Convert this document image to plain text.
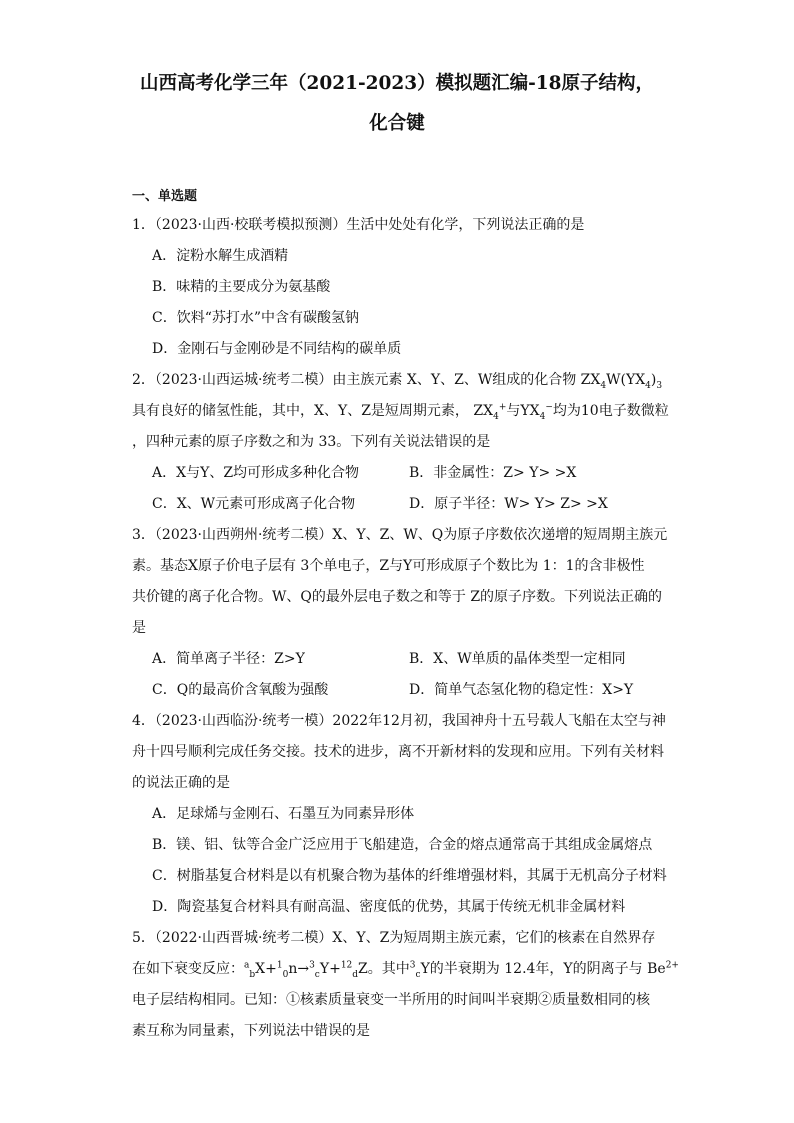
山西高考化学三年（2021-2023）模拟题汇编-18原子结构，
化合键
一、单选题
1．（2023·山西·校联考模拟预测）生活中处处有化学，下列说法正确的是
A．淀粉水解生成酒精
B．味精的主要成分为氨基酸
C．饮料“苏打水”中含有碳酸氢钠
D．金刚石与金刚砂是不同结构的碳单质
2．（2023·山西运城·统考二模）由主族元素 X、Y、Z、W组成的化合物 $ZX_4W(YX_4)_3$
具有良好的储氢性能，其中，X、Y、Z是短周期元素， $ZX_4^+$与$YX_4^-$均为10电子数微粒
，四种元素的原子序数之和为 33。下列有关说法错误的是
A．X与Y、Z均可形成多种化合物	B．非金属性：Z> Y> >X
C．X、W元素可形成离子化合物	D．原子半径：W> Y> Z> >X
3．（2023·山西朔州·统考二模）X、Y、Z、W、Q为原子序数依次递增的短周期主族元
素。基态X原子价电子层有 3个单电子，Z与Y可形成原子个数比为 1：1的含非极性
共价键的离子化合物。W、Q的最外层电子数之和等于 Z的原子序数。下列说法正确的
是
A．简单离子半径：Z>Y	B．X、W单质的晶体类型一定相同
C．Q的最高价含氧酸为强酸	D．简单气态氢化物的稳定性：X>Y
4．（2023·山西临汾·统考一模）2022年12月初，我国神舟十五号载人飞船在太空与神
舟十四号顺利完成任务交接。技术的进步，离不开新材料的发现和应用。下列有关材料
的说法正确的是
A．足球烯与金刚石、石墨互为同素异形体
B．镁、铝、钛等合金广泛应用于飞船建造，合金的熔点通常高于其组成金属熔点
C．树脂基复合材料是以有机聚合物为基体的纤维增强材料，其属于无机高分子材料
D．陶瓷基复合材料具有耐高温、密度低的优势，其属于传统无机非金属材料
5．（2022·山西晋城·统考二模）X、Y、Z为短周期主族元素，它们的核素在自然界存
在如下衰变反应：$^a_b$X+$^1_0$n→$^3_c$Y+$^{12}_d$Z。其中$^3_c$Y的半衰期为 12.4年，Y的阴离子与 $Be^{2+}$
电子层结构相同。已知：①核素质量衰变一半所用的时间叫半衰期②质量数相同的核
素互称为同量素，下列说法中错误的是
